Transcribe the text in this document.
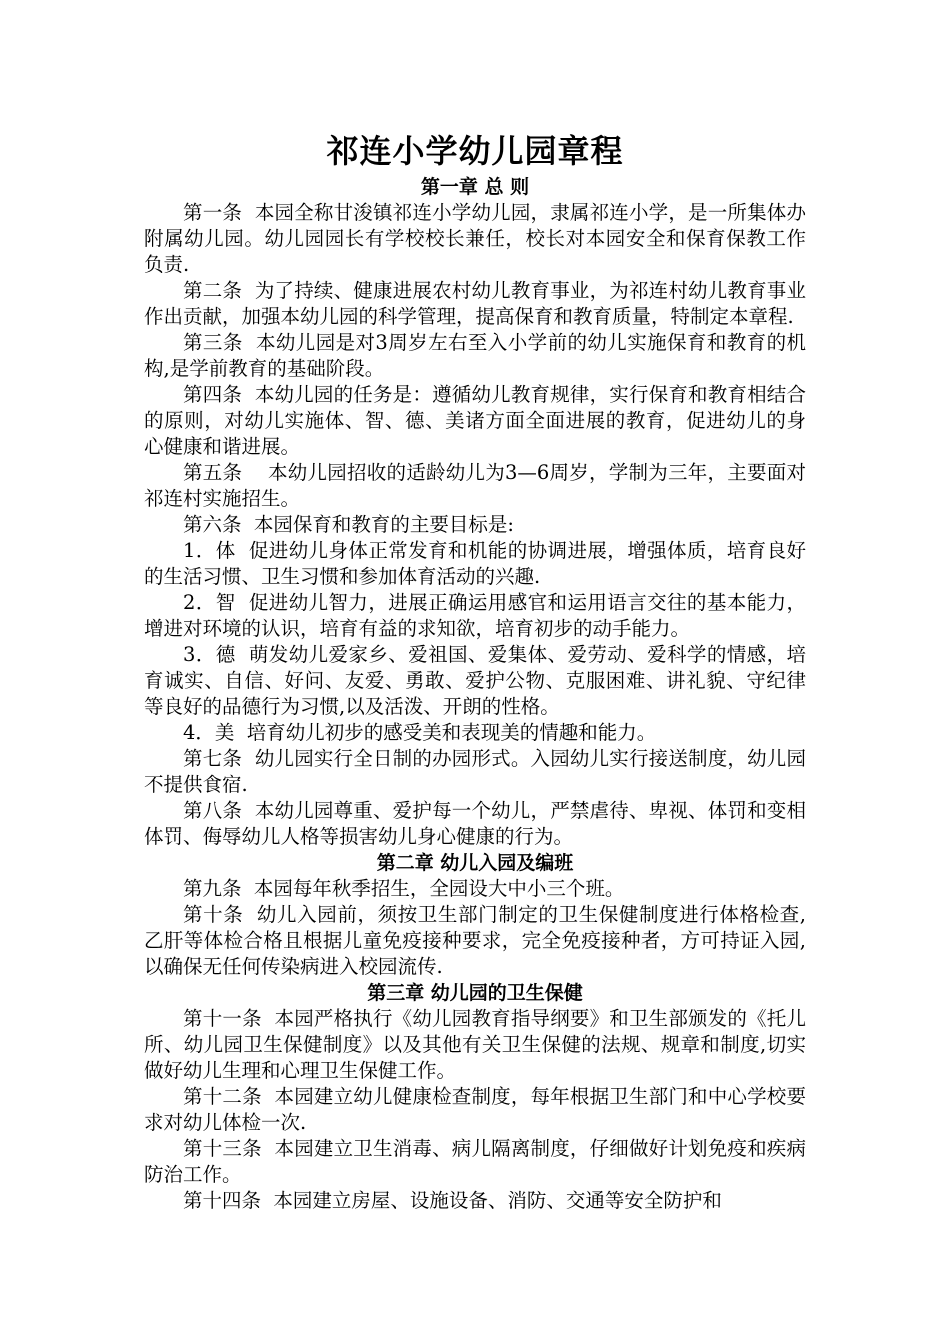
祁连小学幼儿园章程
第一章 总 则

第一条  本园全称甘浚镇祁连小学幼儿园，隶属祁连小学，是一所集体办附属幼儿园。幼儿园园长有学校校长兼任，校长对本园安全和保育保教工作负责.

第二条  为了持续、健康进展农村幼儿教育事业，为祁连村幼儿教育事业作出贡献，加强本幼儿园的科学管理，提高保育和教育质量，特制定本章程.

第三条  本幼儿园是对3周岁左右至入小学前的幼儿实施保育和教育的机构,是学前教育的基础阶段。

第四条  本幼儿园的任务是：遵循幼儿教育规律，实行保育和教育相结合的原则，对幼儿实施体、智、德、美诸方面全面进展的教育，促进幼儿的身心健康和谐进展。

第五条    本幼儿园招收的适龄幼儿为3—6周岁，学制为三年，主要面对祁连村实施招生。

第六条  本园保育和教育的主要目标是:

1．体  促进幼儿身体正常发育和机能的协调进展，增强体质，培育良好的生活习惯、卫生习惯和参加体育活动的兴趣.

2．智  促进幼儿智力，进展正确运用感官和运用语言交往的基本能力，增进对环境的认识，培育有益的求知欲，培育初步的动手能力。

3．德  萌发幼儿爱家乡、爱祖国、爱集体、爱劳动、爱科学的情感，培育诚实、自信、好问、友爱、勇敢、爱护公物、克服困难、讲礼貌、守纪律等良好的品德行为习惯,以及活泼、开朗的性格。

4．美  培育幼儿初步的感受美和表现美的情趣和能力。

第七条  幼儿园实行全日制的办园形式。入园幼儿实行接送制度，幼儿园不提供食宿.

第八条  本幼儿园尊重、爱护每一个幼儿，严禁虐待、卑视、体罚和变相体罚、侮辱幼儿人格等损害幼儿身心健康的行为。

第二章 幼儿入园及编班

第九条  本园每年秋季招生，全园设大中小三个班。

第十条  幼儿入园前，须按卫生部门制定的卫生保健制度进行体格检查,乙肝等体检合格且根据儿童免疫接种要求，完全免疫接种者，方可持证入园,以确保无任何传染病进入校园流传.

第三章 幼儿园的卫生保健

第十一条  本园严格执行《幼儿园教育指导纲要》和卫生部颁发的《托儿所、幼儿园卫生保健制度》以及其他有关卫生保健的法规、规章和制度,切实做好幼儿生理和心理卫生保健工作。

第十二条  本园建立幼儿健康检查制度，每年根据卫生部门和中心学校要求对幼儿体检一次.

第十三条  本园建立卫生消毒、病儿隔离制度，仔细做好计划免疫和疾病防治工作。

第十四条  本园建立房屋、设施设备、消防、交通等安全防护和
